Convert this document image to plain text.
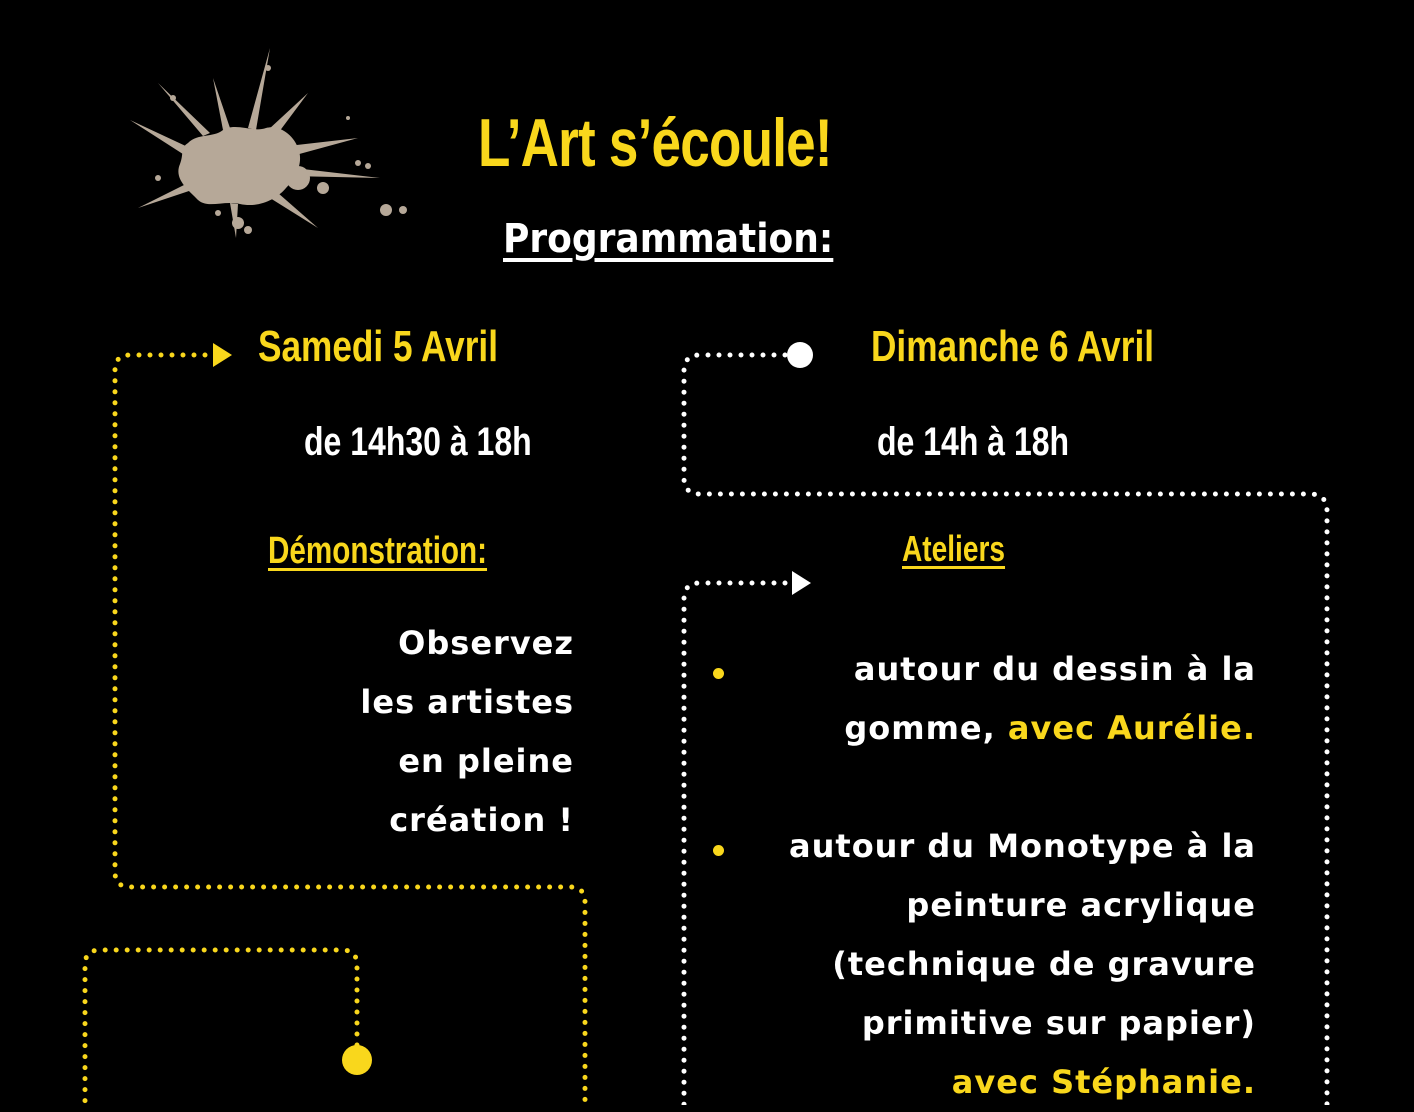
L’Art s’écoule!
Programmation:
Samedi 5 Avril
de 14h30 à 18h
Démonstration:
Observez
les artistes
en pleine
création !
Dimanche 6 Avril
de 14h à 18h
Ateliers
autour du dessin à la
gomme, avec Aurélie.
autour du Monotype à la
peinture acrylique
(technique de gravure
primitive sur papier)
avec Stéphanie.
